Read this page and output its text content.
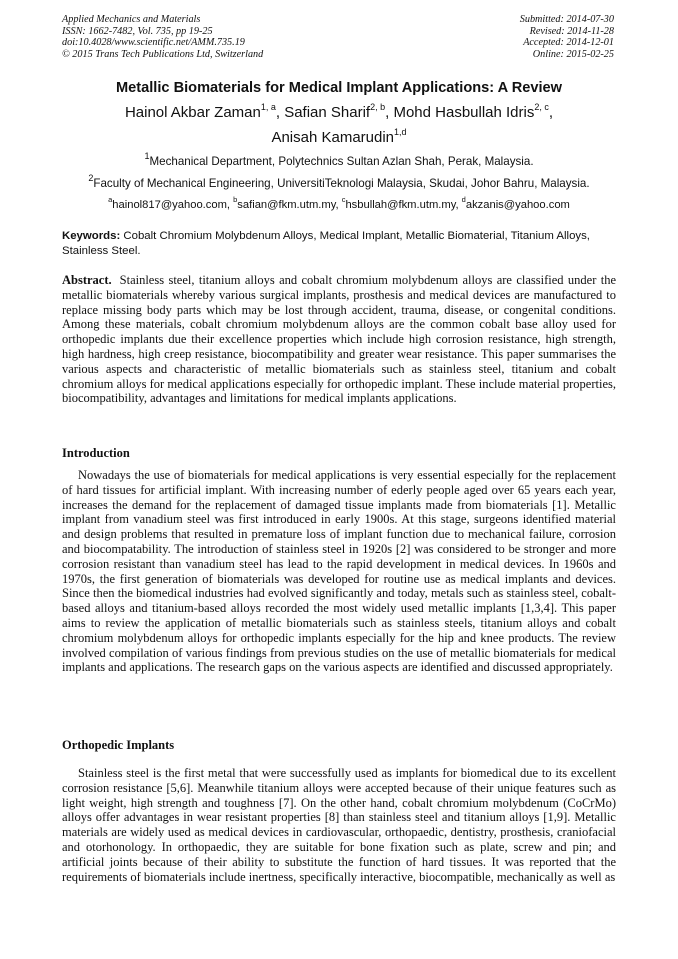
Applied Mechanics and Materials
ISSN: 1662-7482, Vol. 735, pp 19-25
doi:10.4028/www.scientific.net/AMM.735.19
© 2015 Trans Tech Publications Ltd, Switzerland
Submitted: 2014-07-30
Revised: 2014-11-28
Accepted: 2014-12-01
Online: 2015-02-25
Metallic Biomaterials for Medical Implant Applications: A Review
Hainol Akbar Zaman$^{1, a}$, Safian Sharif$^{2, b}$, Mohd Hasbullah Idris$^{2, c}$,
Anisah Kamarudin$^{1,d}$
$^1$Mechanical Department, Polytechnics Sultan Azlan Shah, Perak, Malaysia.
$^2$Faculty of Mechanical Engineering, UniversitiTeknologi Malaysia, Skudai, Johor Bahru, Malaysia.
$^a$hainol817@yahoo.com, $^b$safian@fkm.utm.my, $^c$hsbullah@fkm.utm.my, $^d$akzanis@yahoo.com
Keywords: Cobalt Chromium Molybdenum Alloys, Medical Implant, Metallic Biomaterial, Titanium Alloys, Stainless Steel.
Abstract. Stainless steel, titanium alloys and cobalt chromium molybdenum alloys are classified under the metallic biomaterials whereby various surgical implants, prosthesis and medical devices are manufactured to replace missing body parts which may be lost through accident, trauma, disease, or congenital conditions. Among these materials, cobalt chromium molybdenum alloys are the common cobalt base alloy used for orthopedic implants due their excellence properties which include high corrosion resistance, high strength, high hardness, high creep resistance, biocompatibility and greater wear resistance. This paper summarises the various aspects and characteristic of metallic biomaterials such as stainless steel, titanium and cobalt chromium alloys for medical applications especially for orthopedic implant. These include material properties, biocompatibility, advantages and limitations for medical implants applications.
Introduction
Nowadays the use of biomaterials for medical applications is very essential especially for the replacement of hard tissues for artificial implant. With increasing number of ederly people aged over 65 years each year, increases the demand for the replacement of damaged tissue implants made from biomaterials [1]. Metallic implant from vanadium steel was first introduced in early 1900s. At this stage, surgeons identified material and design problems that resulted in premature loss of implant function due to mechanical failure, corrosion and biocompatability. The introduction of stainless steel in 1920s [2] was considered to be stronger and more corrosion resistant than vanadium steel has lead to the rapid development in medical devices. In 1960s and 1970s, the first generation of biomaterials was developed for routine use as medical implants and devices. Since then the biomedical industries had evolved significantly and today, metals such as stainless steel, cobalt-based alloys and titanium-based alloys recorded the most widely used metallic implants [1,3,4]. This paper aims to review the application of metallic biomaterials such as stainless steels, titanium alloys and cobalt chromium molybdenum alloys for orthopedic implants especially for the hip and knee products. The review involved compilation of various findings from previous studies on the use of metallic biomaterials for medical implants and applications. The research gaps on the various aspects are identified and discussed appropriately.
Orthopedic Implants
Stainless steel is the first metal that were successfully used as implants for biomedical due to its excellent corrosion resistance [5,6]. Meanwhile titanium alloys were accepted because of their unique features such as light weight, high strength and toughness [7]. On the other hand, cobalt chromium molybdenum (CoCrMo) alloys offer advantages in wear resistant properties [8] than stainless steel and titanium alloys [1,9]. Metallic materials are widely used as medical devices in cardiovascular, orthopaedic, dentistry, prosthesis, craniofacial and otorhonology. In orthopaedic, they are suitable for bone fixation such as plate, screw and pin; and artificial joints because of their ability to substitute the function of hard tissues. It was reported that the requirements of biomaterials include inertness, specifically interactive, biocompatible, mechanically as well as
